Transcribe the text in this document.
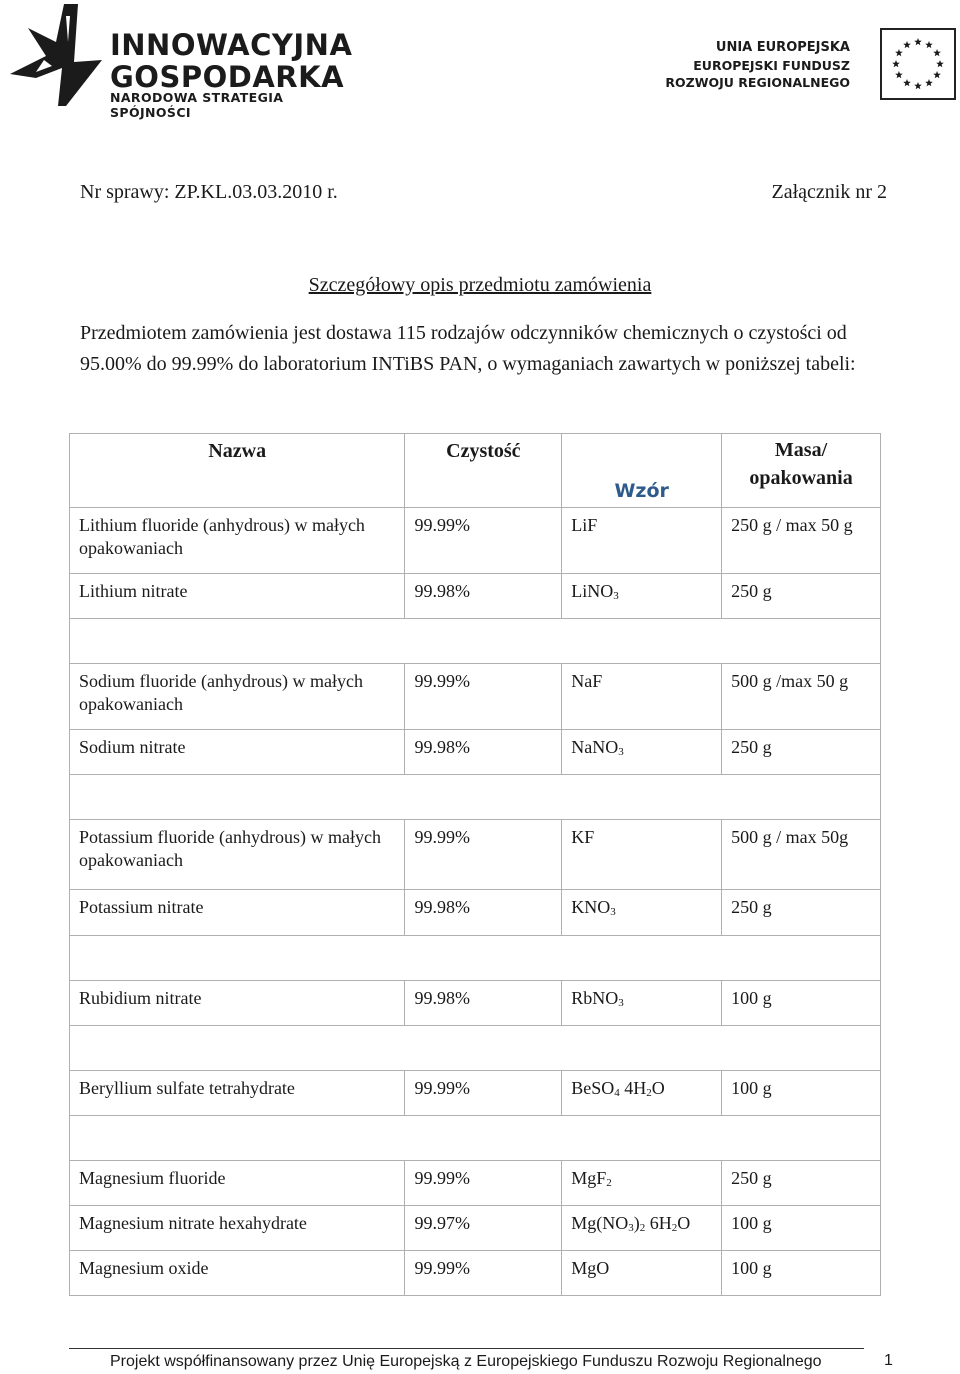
INNOWACYJNA
GOSPODARKA
NARODOWA STRATEGIA SPÓJNOŚCI
UNIA EUROPEJSKA
EUROPEJSKI FUNDUSZ
ROZWOJU REGIONALNEGO
Nr sprawy: ZP.KL.03.03.2010 r.	Załącznik nr 2
Szczegółowy opis przedmiotu zamówienia
Przedmiotem zamówienia jest dostawa 115 rodzajów odczynników chemicznych o czystości od 95.00% do 99.99% do laboratorium INTiBS PAN, o wymaganiach zawartych w poniższej tabeli:
Nazwa	Czystość	Wzór	Masa/ opakowania

Lithium fluoride (anhydrous) w małych opakowaniach	99.99%	LiF	250 g / max 50 g

Lithium nitrate	99.98%	LiNO$_3$	250 g

Sodium fluoride (anhydrous) w małych opakowaniach	99.99%	NaF	500 g /max 50 g

Sodium nitrate	99.98%	NaNO$_3$	250 g

Potassium fluoride (anhydrous) w małych opakowaniach	99.99%	KF	500 g / max 50g

Potassium nitrate	99.98%	$KNO_3$	250 g

Rubidium nitrate	99.98%	RbNO$_3$	100 g

Beryllium sulfate tetrahydrate	99.99%	BeSO$_4$ $4H_2O$	100 g

Magnesium fluoride	99.99%	MgF$_2$	250 g

Magnesium nitrate hexahydrate	99.97%	$Mg(NO_3)_2$ $6H_2O$	100 g

Magnesium oxide	99.99%	MgO	100 g
Projekt współfinansowany przez Unię Europejską z Europejskiego Funduszu Rozwoju Regionalnego	1
